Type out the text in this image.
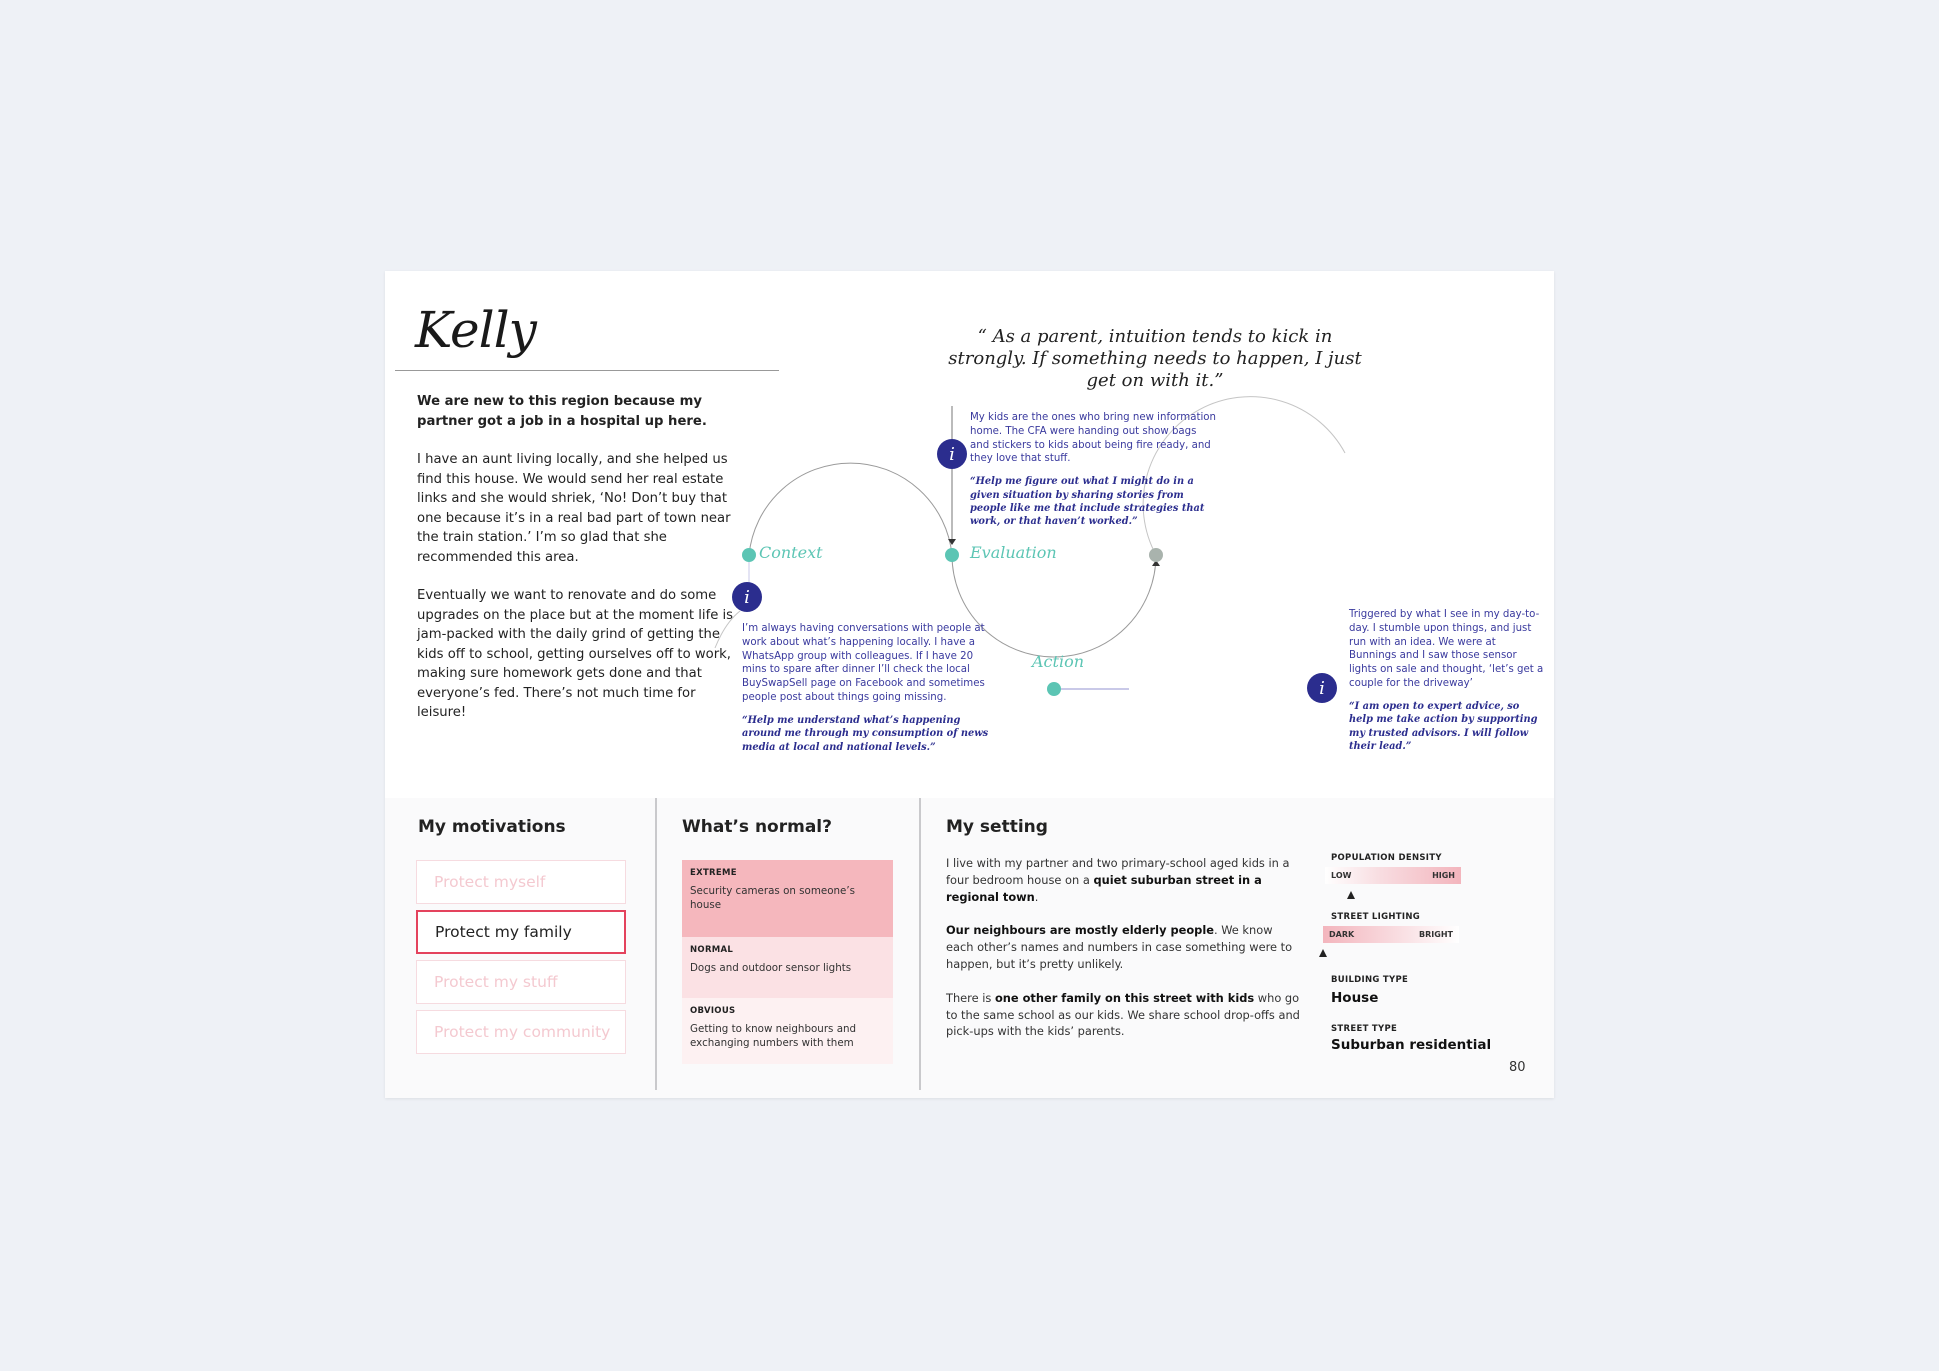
Kelly

We are new to this region because my partner got a job in a hospital up here.

I have an aunt living locally, and she helped us find this house. We would send her real estate links and she would shriek, ‘No! Don’t buy that one because it’s in a real bad part of town near the train station.’ I’m so glad that she recommended this area.

Eventually we want to renovate and do some upgrades on the place but at the moment life is jam-packed with the daily grind of getting the kids off to school, getting ourselves off to work, making sure homework gets done and that everyone’s fed. There’s not much time for leisure!

“ As a parent, intuition tends to kick in strongly. If something needs to happen, I just get on with it.”
Context	Evaluation
Action
i
i
i
I’m always having conversations with people at work about what’s happening locally. I have a WhatsApp group with colleagues. If I have 20 mins to spare after dinner I’ll check the local BuySwapSell page on Facebook and sometimes people post about things going missing.
“Help me understand what’s happening around me through my consumption of news media at local and national levels.”
My kids are the ones who bring new information home. The CFA were handing out show bags and stickers to kids about being fire ready, and they love that stuff.
“Help me figure out what I might do in a given situation by sharing stories from people like me that include strategies that work, or that haven’t worked.”
Triggered by what I see in my day-to-day. I stumble upon things, and just run with an idea. We were at Bunnings and I saw those sensor lights on sale and thought, ‘let’s get a couple for the driveway’
“I am open to expert advice, so help me take action by supporting my trusted advisors. I will follow their lead.”
My motivations
Protect myself
Protect my family
Protect my stuff
Protect my community
What’s normal?
EXTREME
Security cameras on someone’s house
NORMAL
Dogs and outdoor sensor lights
OBVIOUS
Getting to know neighbours and exchanging numbers with them
My setting

I live with my partner and two primary-school aged kids in a four bedroom house on a quiet suburban street in a regional town.

Our neighbours are mostly elderly people. We know each other’s names and numbers in case something were to happen, but it’s pretty unlikely.

There is one other family on this street with kids who go to the same school as our kids. We share school drop-offs and pick-ups with the kids’ parents.

POPULATION DENSITY
LOW	HIGH
STREET LIGHTING
DARK	BRIGHT
BUILDING TYPE
House
STREET TYPE
Suburban residential
80
